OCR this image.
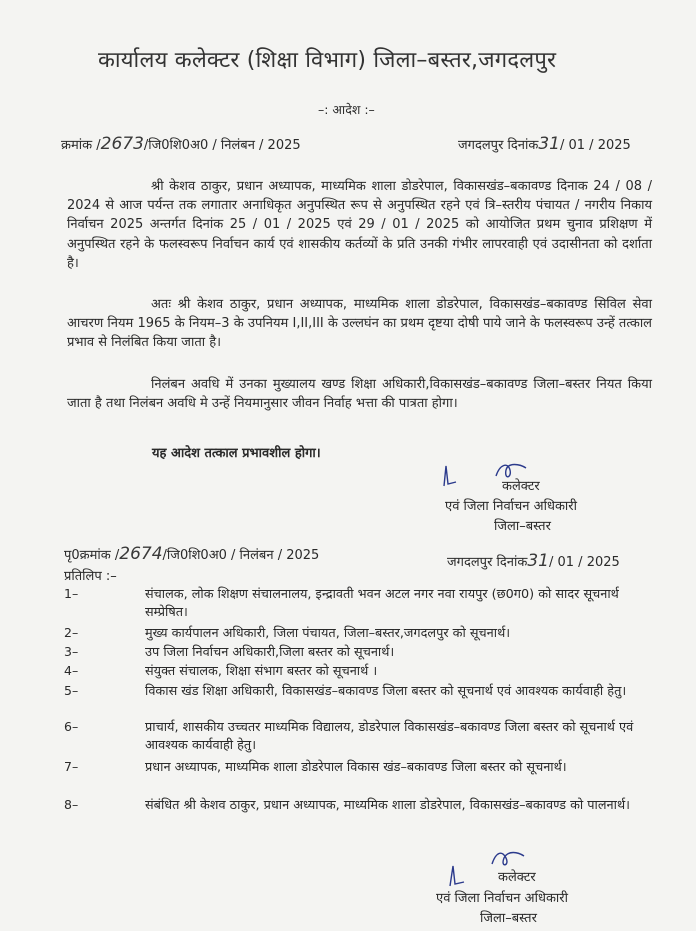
कार्यालय कलेक्टर (शिक्षा विभाग) जिला–बस्तर,जगदलपुर
–: आदेश :–
क्रमांक /2673/जि0शि0अ0 / निलंबन / 2025	जगदलपुर दिनांक31/ 01 / 2025
श्री केशव ठाकुर, प्रधान अध्यापक, माध्यमिक शाला डोडरेपाल, विकासखंड–बकावण्ड दिनाक 24 / 08 / 2024 से आज पर्यन्त तक लगातार अनाधिकृत अनुपस्थित रूप से अनुपस्थित रहने एवं त्रि–स्तरीय पंचायत / नगरीय निकाय निर्वाचन 2025 अन्तर्गत दिनांक 25 / 01 / 2025 एवं 29 / 01 / 2025 को आयोजित प्रथम चुनाव प्रशिक्षण में अनुपस्थित रहने के फलस्वरूप निर्वाचन कार्य एवं शासकीय कर्तव्यों के प्रति उनकी गंभीर लापरवाही एवं उदासीनता को दर्शाता है।
अतः श्री केशव ठाकुर, प्रधान अध्यापक, माध्यमिक शाला डोडरेपाल, विकासखंड–बकावण्ड सिविल सेवा आचरण नियम 1965 के नियम–3 के उपनियम I,II,III के उल्लघंन का प्रथम दृष्टया दोषी पाये जाने के फलस्वरूप उन्हें तत्काल प्रभाव से निलंबित किया जाता है।
निलंबन अवधि में उनका मुख्यालय खण्ड शिक्षा अधिकारी,विकासखंड–बकावण्ड जिला–बस्तर नियत किया जाता है तथा निलंबन अवधि मे उन्हें नियमानुसार जीवन निर्वाह भत्ता की पात्रता होगा।
यह आदेश तत्काल प्रभावशील होगा।
कलेक्टर
एवं जिला निर्वाचन अधिकारी
जिला–बस्तर
पृ0क्रमांक /2674/जि0शि0अ0 / निलंबन / 2025	जगदलपुर दिनांक31/ 01 / 2025
प्रतिलिप :–
1–	संचालक, लोक शिक्षण संचालनालय, इन्द्रावती भवन अटल नगर नवा रायपुर (छ0ग0) को सादर सूचनार्थ सम्प्रेषित।
2–	मुख्य कार्यपालन अधिकारी, जिला पंचायत, जिला–बस्तर,जगदलपुर को सूचनार्थ।
3–	उप जिला निर्वाचन अधिकारी,जिला बस्तर को सूचनार्थ।
4–	संयुक्त संचालक, शिक्षा संभाग बस्तर को सूचनार्थ ।
5–	विकास खंड शिक्षा अधिकारी, विकासखंड–बकावण्ड जिला बस्तर को सूचनार्थ एवं आवश्यक कार्यवाही हेतु।
6–	प्राचार्य, शासकीय उच्चतर माध्यमिक विद्यालय, डोडरेपाल विकासखंड–बकावण्ड जिला बस्तर को सूचनार्थ एवं आवश्यक कार्यवाही हेतु।
7–	प्रधान अध्यापक, माध्यमिक शाला डोडरेपाल विकास खंड–बकावण्ड जिला बस्तर को सूचनार्थ।
8–	संबंधित श्री केशव ठाकुर, प्रधान अध्यापक, माध्यमिक शाला डोडरेपाल, विकासखंड–बकावण्ड को पालनार्थ।
कलेक्टर
एवं जिला निर्वाचन अधिकारी
जिला–बस्तर
